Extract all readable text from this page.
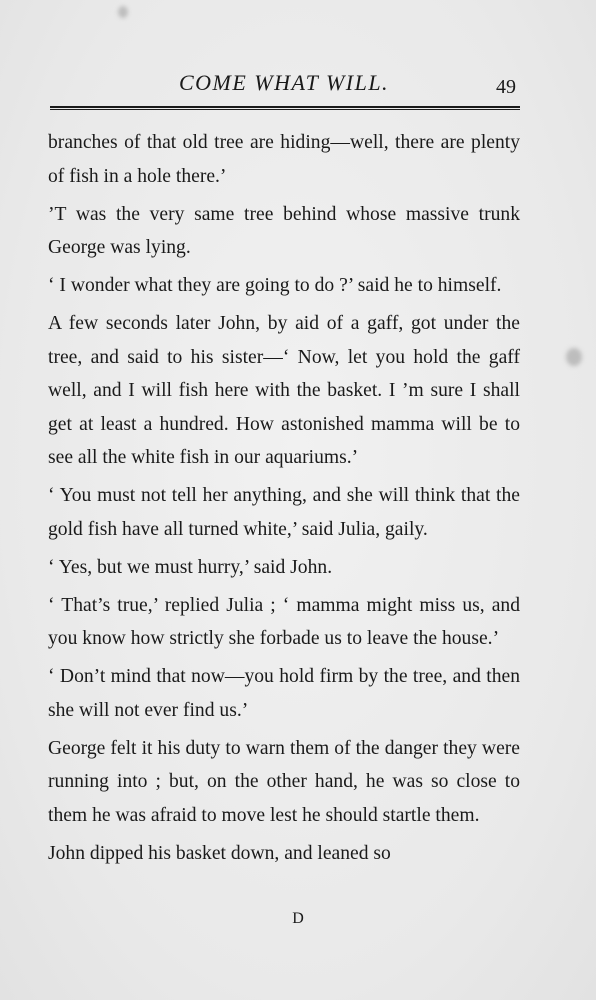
COME WHAT WILL.	49

branches of that old tree are hiding—well, there are plenty of fish in a hole there.’

’T was the very same tree behind whose massive trunk George was lying.

‘ I wonder what they are going to do ?’ said he to himself.

A few seconds later John, by aid of a gaff, got under the tree, and said to his sister—‘ Now, let you hold the gaff well, and I will fish here with the basket. I ’m sure I shall get at least a hundred. How astonished mamma will be to see all the white fish in our aquariums.’

‘ You must not tell her anything, and she will think that the gold fish have all turned white,’ said Julia, gaily.

‘ Yes, but we must hurry,’ said John.

‘ That’s true,’ replied Julia ; ‘ mamma might miss us, and you know how strictly she forbade us to leave the house.’

‘ Don’t mind that now—you hold firm by the tree, and then she will not ever find us.’

George felt it his duty to warn them of the danger they were running into ; but, on the other hand, he was so close to them he was afraid to move lest he should startle them.

John dipped his basket down, and leaned so

D
